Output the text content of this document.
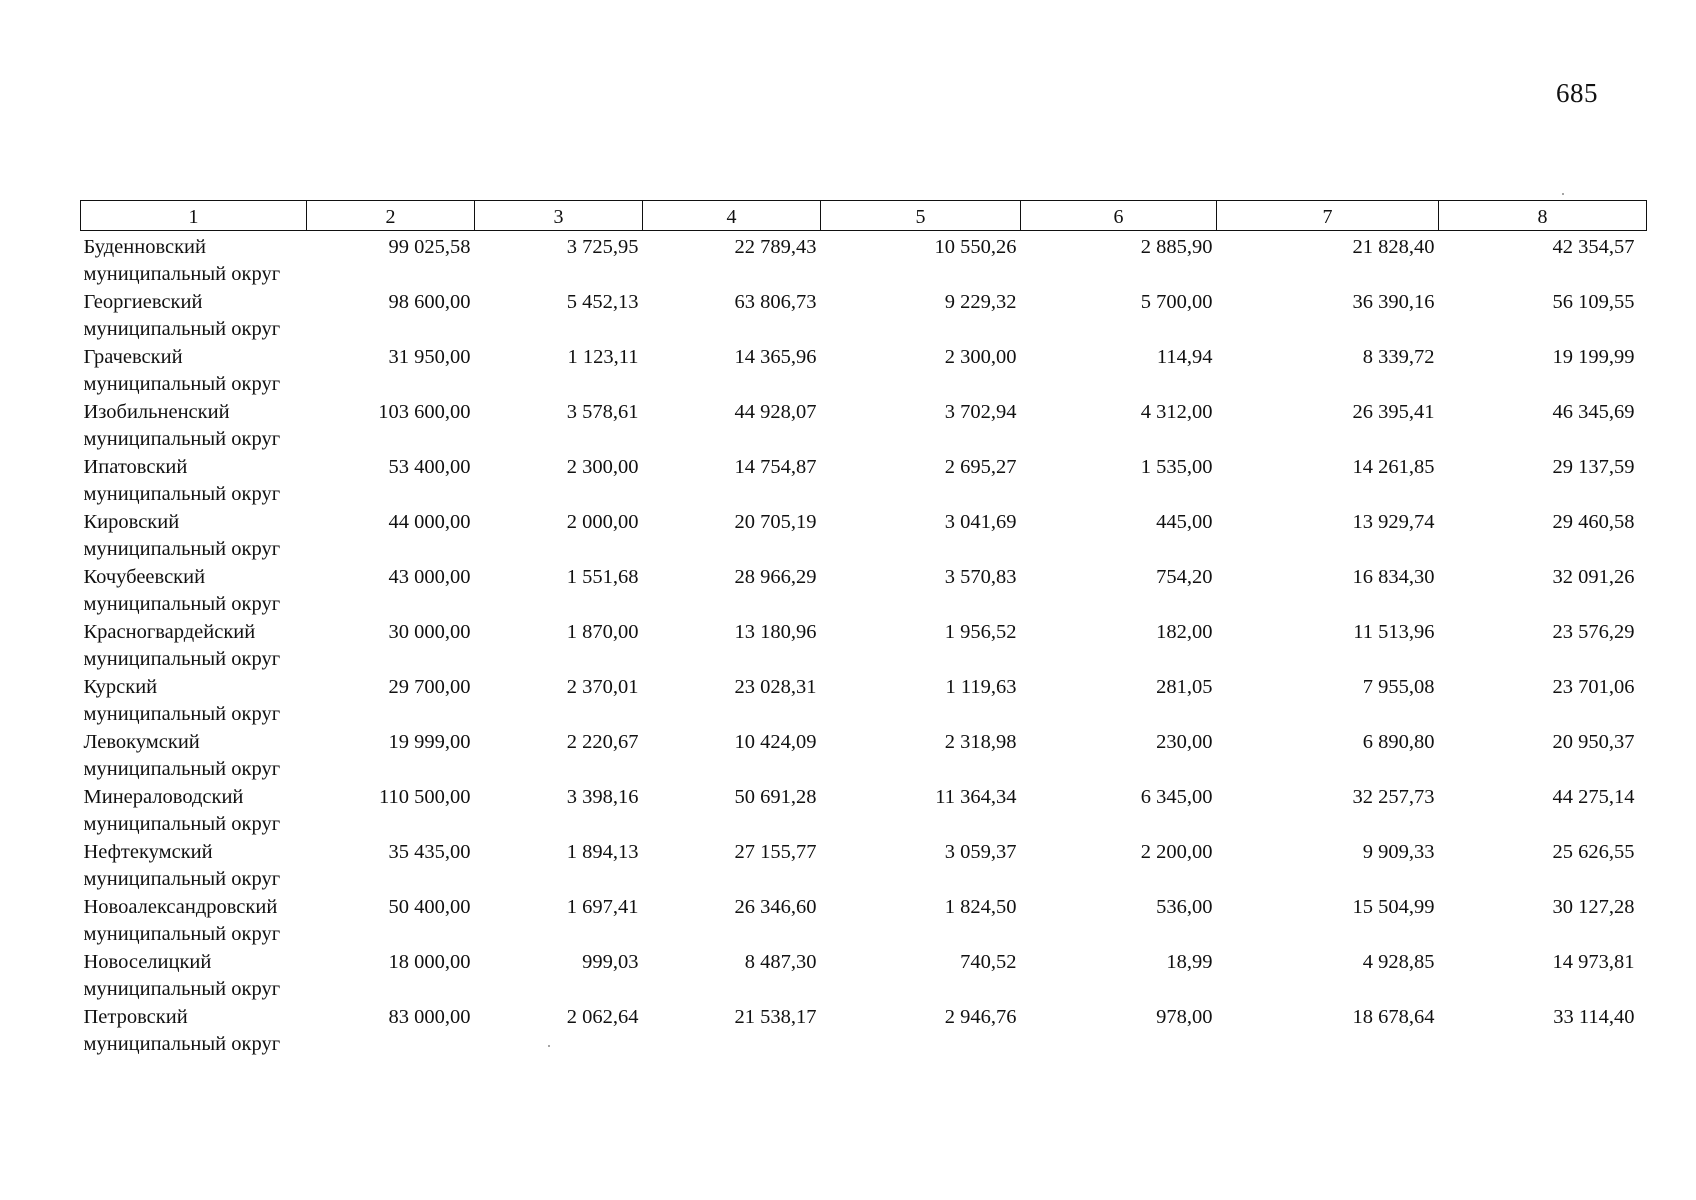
685
1	2	3	4	5	6	7	8

Буденновский
муниципальный округ	99 025,58	3 725,95	22 789,43	10 550,26	2 885,90	21 828,40	42 354,57

Георгиевский
муниципальный округ	98 600,00	5 452,13	63 806,73	9 229,32	5 700,00	36 390,16	56 109,55

Грачевский
муниципальный округ	31 950,00	1 123,11	14 365,96	2 300,00	114,94	8 339,72	19 199,99

Изобильненский
муниципальный округ	103 600,00	3 578,61	44 928,07	3 702,94	4 312,00	26 395,41	46 345,69

Ипатовский
муниципальный округ	53 400,00	2 300,00	14 754,87	2 695,27	1 535,00	14 261,85	29 137,59

Кировский
муниципальный округ	44 000,00	2 000,00	20 705,19	3 041,69	445,00	13 929,74	29 460,58

Кочубеевский
муниципальный округ	43 000,00	1 551,68	28 966,29	3 570,83	754,20	16 834,30	32 091,26

Красногвардейский
муниципальный округ	30 000,00	1 870,00	13 180,96	1 956,52	182,00	11 513,96	23 576,29

Курский
муниципальный округ	29 700,00	2 370,01	23 028,31	1 119,63	281,05	7 955,08	23 701,06

Левокумский
муниципальный округ	19 999,00	2 220,67	10 424,09	2 318,98	230,00	6 890,80	20 950,37

Минераловодский
муниципальный округ	110 500,00	3 398,16	50 691,28	11 364,34	6 345,00	32 257,73	44 275,14

Нефтекумский
муниципальный округ	35 435,00	1 894,13	27 155,77	3 059,37	2 200,00	9 909,33	25 626,55

Новоалександровский
муниципальный округ	50 400,00	1 697,41	26 346,60	1 824,50	536,00	15 504,99	30 127,28

Новоселицкий
муниципальный округ	18 000,00	999,03	8 487,30	740,52	18,99	4 928,85	14 973,81

Петровский
муниципальный округ	83 000,00	2 062,64	21 538,17	2 946,76	978,00	18 678,64	33 114,40
